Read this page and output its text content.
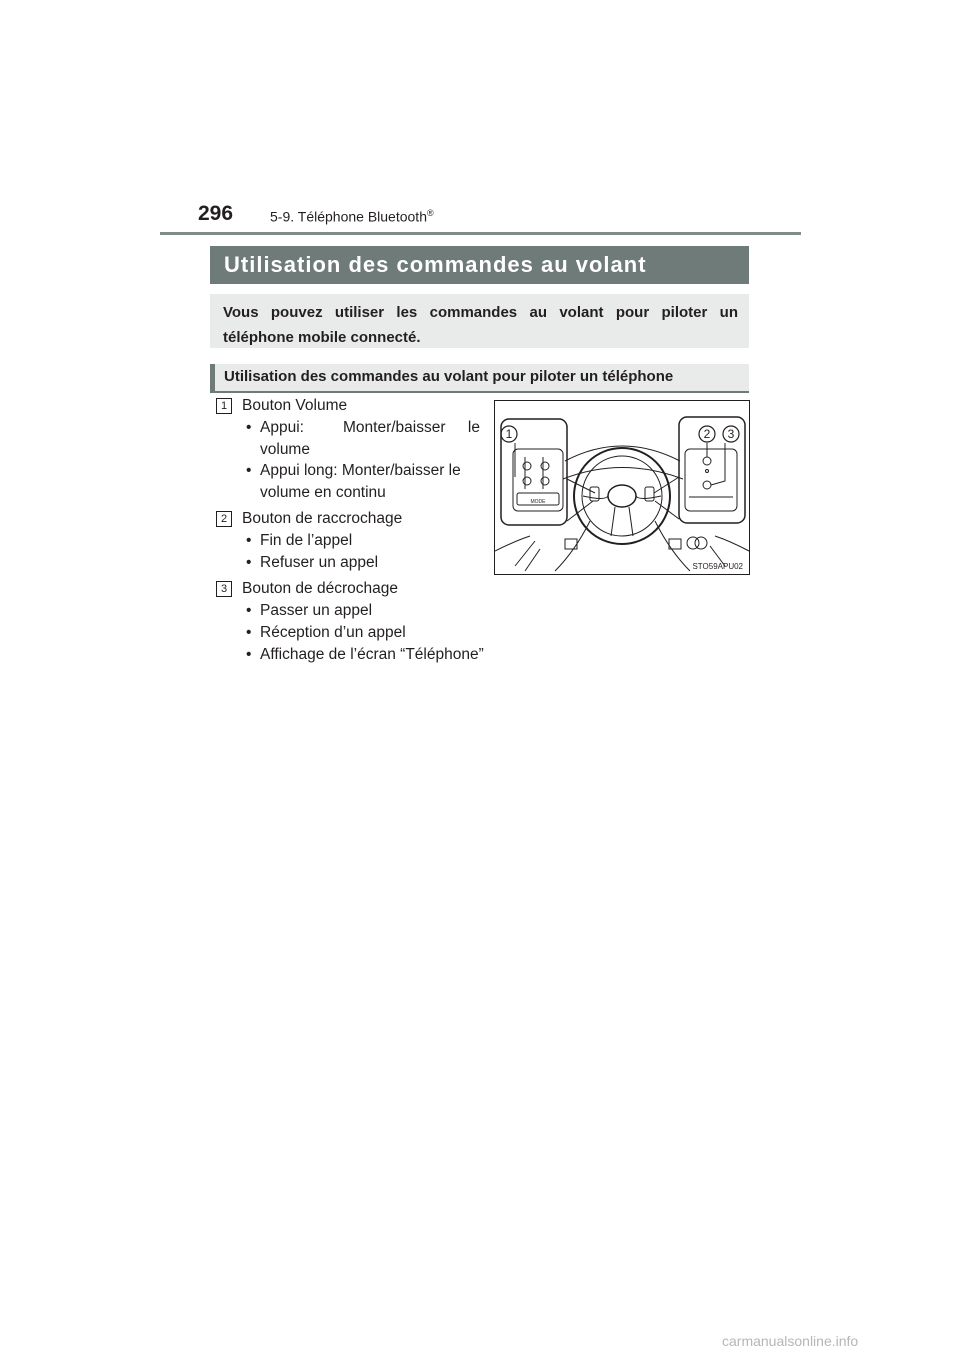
296	5-9. Téléphone Bluetooth®
Utilisation des commandes au volant
Vous pouvez utiliser les commandes au volant pour piloter un téléphone mobile connecté.
Utilisation des commandes au volant pour piloter un téléphone
1 Bouton Volume
• Appui:	Monter/baisser le
volume
• Appui long: Monter/baisser le
volume en continu
2 Bouton de raccrochage
• Fin de l’appel
• Refuser un appel
3 Bouton de décrochage
• Passer un appel
• Réception d’un appel
• Affichage de l’écran “Téléphone”
1	2 3
MODE
STO59APU02
carmanualsonline.info
